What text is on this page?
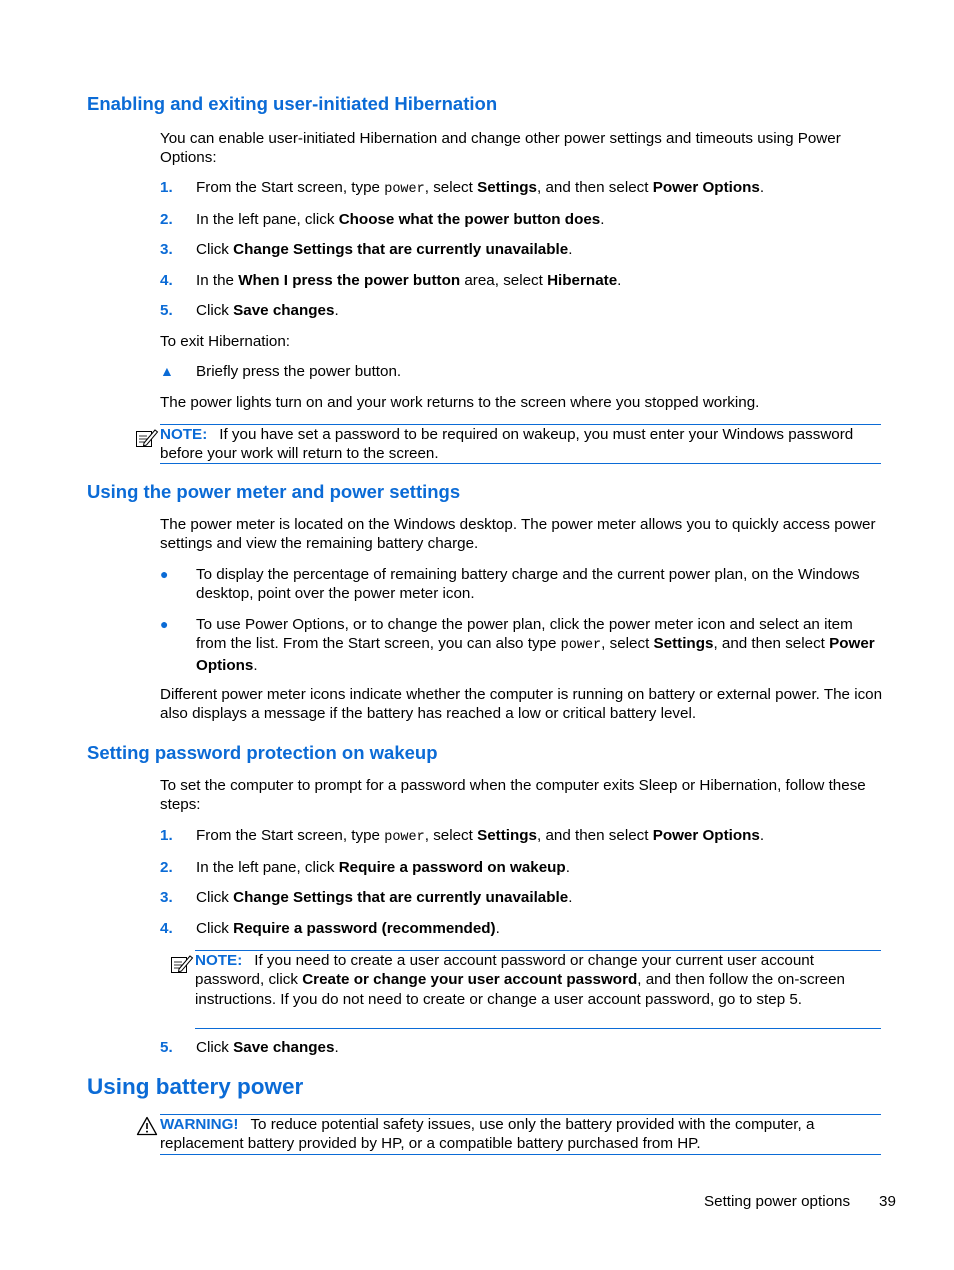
Enabling and exiting user-initiated Hibernation

You can enable user-initiated Hibernation and change other power settings and timeouts using Power Options:

1.	From the Start screen, type power, select Settings, and then select Power Options.
2.	In the left pane, click Choose what the power button does.
3.	Click Change Settings that are currently unavailable.
4.	In the When I press the power button area, select Hibernate.
5.	Click Save changes.

To exit Hibernation:

▲	Briefly press the power button.

The power lights turn on and your work returns to the screen where you stopped working.

NOTE: If you have set a password to be required on wakeup, you must enter your Windows password before your work will return to the screen.
Using the power meter and power settings

The power meter is located on the Windows desktop. The power meter allows you to quickly access power settings and view the remaining battery charge.

●	To display the percentage of remaining battery charge and the current power plan, on the Windows desktop, point over the power meter icon.
●	To use Power Options, or to change the power plan, click the power meter icon and select an item from the list. From the Start screen, you can also type power, select Settings, and then select Power Options.

Different power meter icons indicate whether the computer is running on battery or external power. The icon also displays a message if the battery has reached a low or critical battery level.

Setting password protection on wakeup

To set the computer to prompt for a password when the computer exits Sleep or Hibernation, follow these steps:

1.	From the Start screen, type power, select Settings, and then select Power Options.
2.	In the left pane, click Require a password on wakeup.
3.	Click Change Settings that are currently unavailable.
4.	Click Require a password (recommended).
NOTE: If you need to create a user account password or change your current user account password, click Create or change your user account password, and then follow the on-screen instructions. If you do not need to create or change a user account password, go to step 5.
5.	Click Save changes.
Using battery power
WARNING! To reduce potential safety issues, use only the battery provided with the computer, a replacement battery provided by HP, or a compatible battery purchased from HP.
Setting power options 39
